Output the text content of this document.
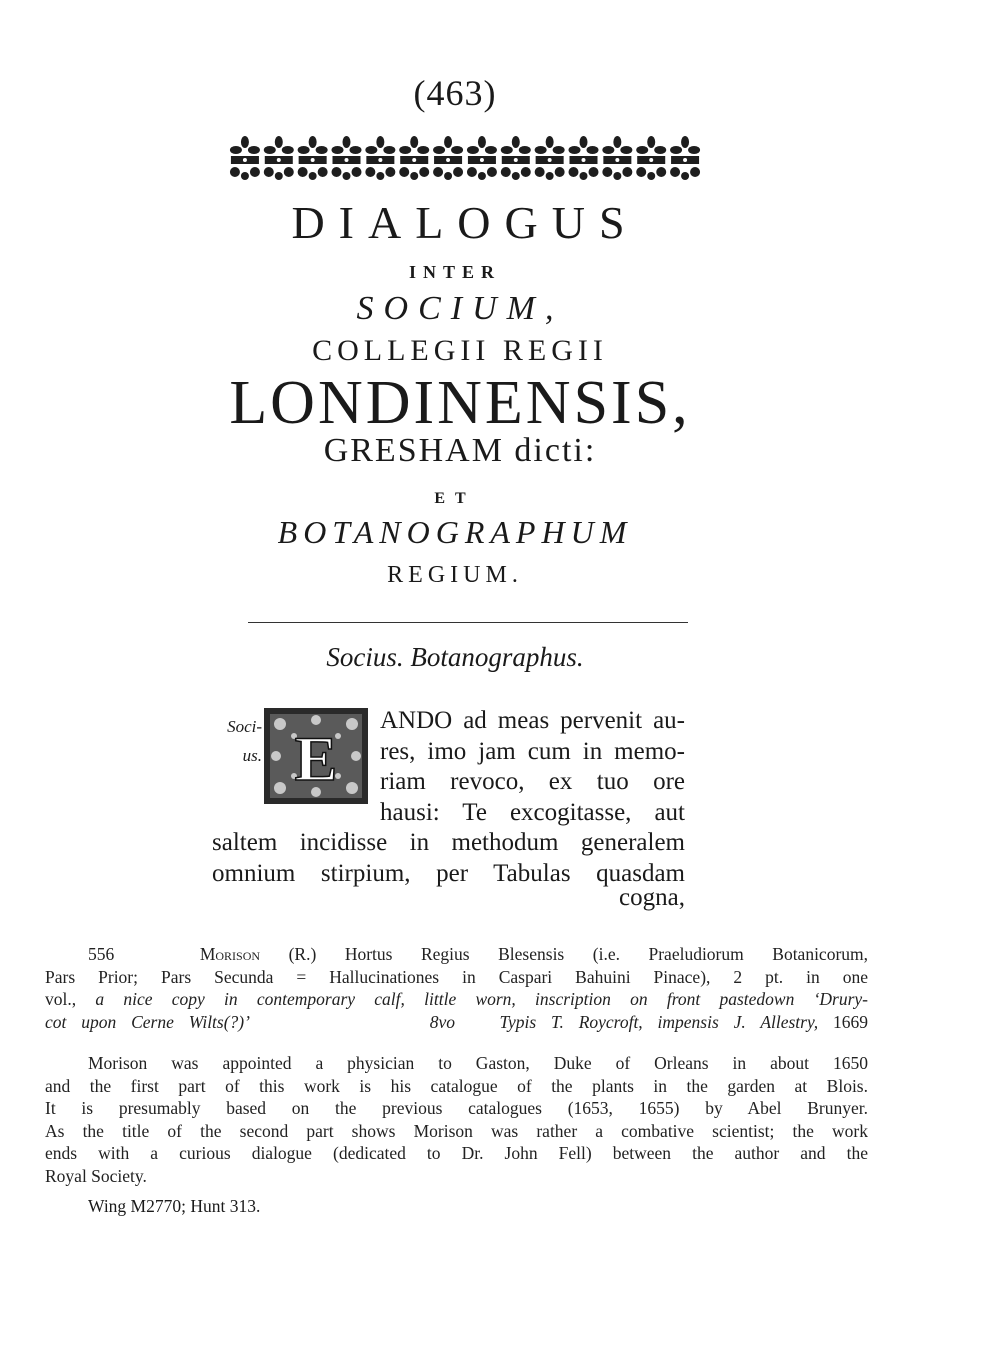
(463)
DIALOGUS
INTER
SOCIUM,
COLLEGII REGII
LONDINENSIS,
GRESHAM dicti:
ET
BOTANOGRAPHUM
REGIUM.
Socius. Botanographus.
Soci-
us. E
ANDO ad meas pervenit au-
res, imo jam cum in memo-
riam revoco, ex tuo ore
hausi: Te excogitasse, aut
saltem incidisse in methodum generalem
omnium stirpium, per Tabulas quasdam
cogna,
556	Morison (R.) Hortus Regius Blesensis (i.e. Praeludiorum Botanicorum,
Pars Prior; Pars Secunda = Hallucinationes in Caspari Bahuini Pinace), 2 pt. in one
vol., a nice copy in contemporary calf, little worn, inscription on front pastedown ‘Drury-
cot upon Cerne Wilts(?)’	8vo	Typis T. Roycroft, impensis J. Allestry, 1669
Morison was appointed a physician to Gaston, Duke of Orleans in about 1650
and the first part of this work is his catalogue of the plants in the garden at Blois.
It is presumably based on the previous catalogues (1653, 1655) by Abel Brunyer.
As the title of the second part shows Morison was rather a combative scientist; the work
ends with a curious dialogue (dedicated to Dr. John Fell) between the author and the
Royal Society.
Wing M2770; Hunt 313.
